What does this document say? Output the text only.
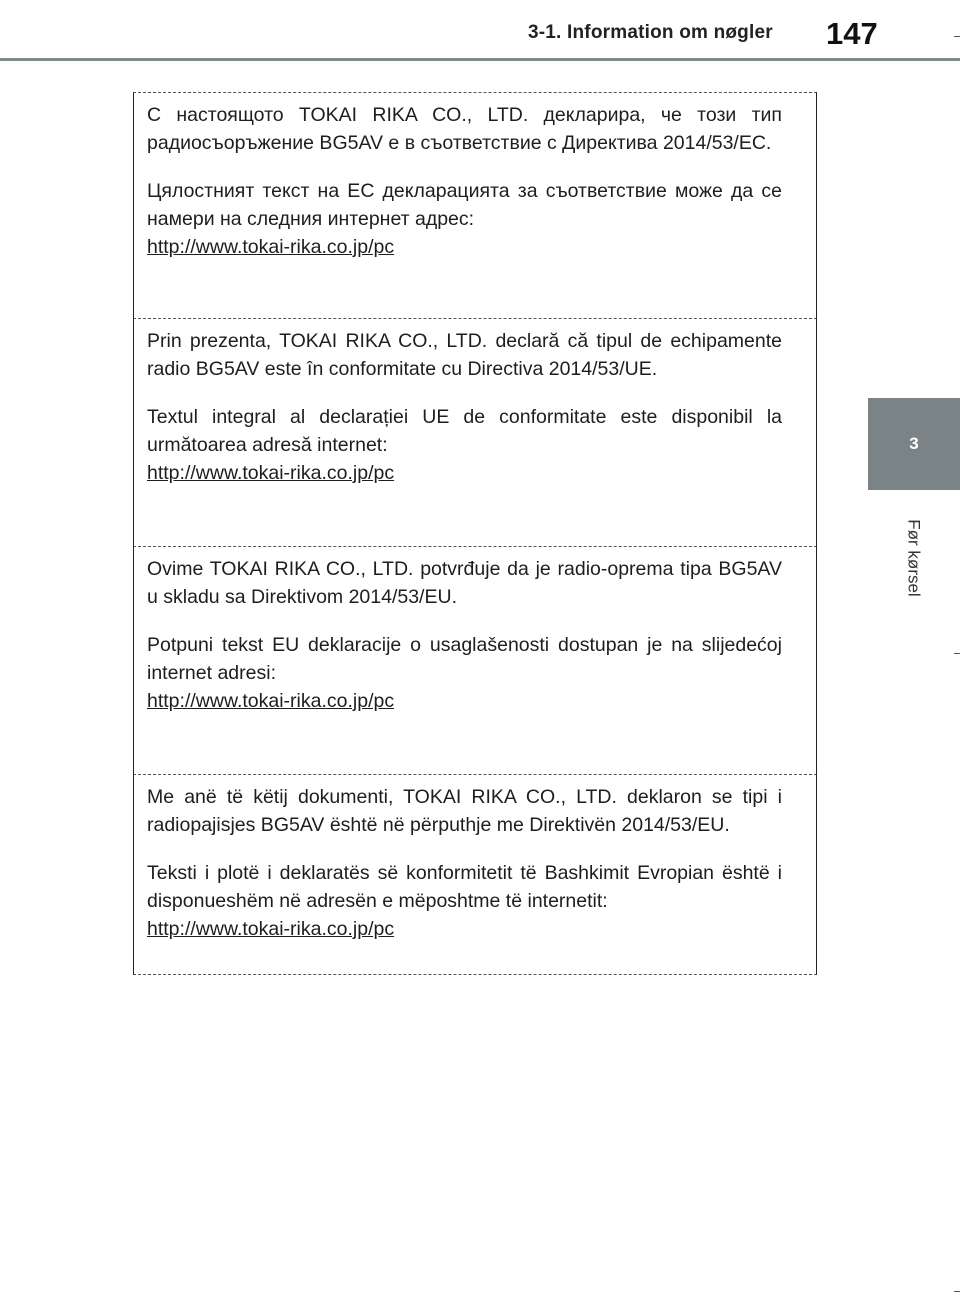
3-1. Information om nøgler 147
3
Før kørsel

С настоящото TOKAI RIKA CO., LTD. декларира, че този тип радиосъоръжение BG5AV е в съответствие с Директива 2014/53/ЕС.

Цялостният текст на ЕС декларацията за съответствие може да се намери на следния интернет адрес:

http://www.tokai-rika.co.jp/pc

Prin prezenta, TOKAI RIKA CO., LTD. declară că tipul de echipamente radio BG5AV este în conformitate cu Directiva 2014/53/UE.

Textul integral al declarației UE de conformitate este disponibil la următoarea adresă internet:

http://www.tokai-rika.co.jp/pc

Ovime TOKAI RIKA CO., LTD. potvrđuje da je radio-oprema tipa BG5AV u skladu sa Direktivom 2014/53/EU.

Potpuni tekst EU deklaracije o usaglašenosti dostupan je na slijedećoj internet adresi:

http://www.tokai-rika.co.jp/pc

Me anë të këtij dokumenti, TOKAI RIKA CO., LTD. deklaron se tipi i radiopajisjes BG5AV është në përputhje me Direktivën 2014/53/EU.

Teksti i plotë i deklaratës së konformitetit të Bashkimit Evropian është i disponueshëm në adresën e mëposhtme të internetit:

http://www.tokai-rika.co.jp/pc
